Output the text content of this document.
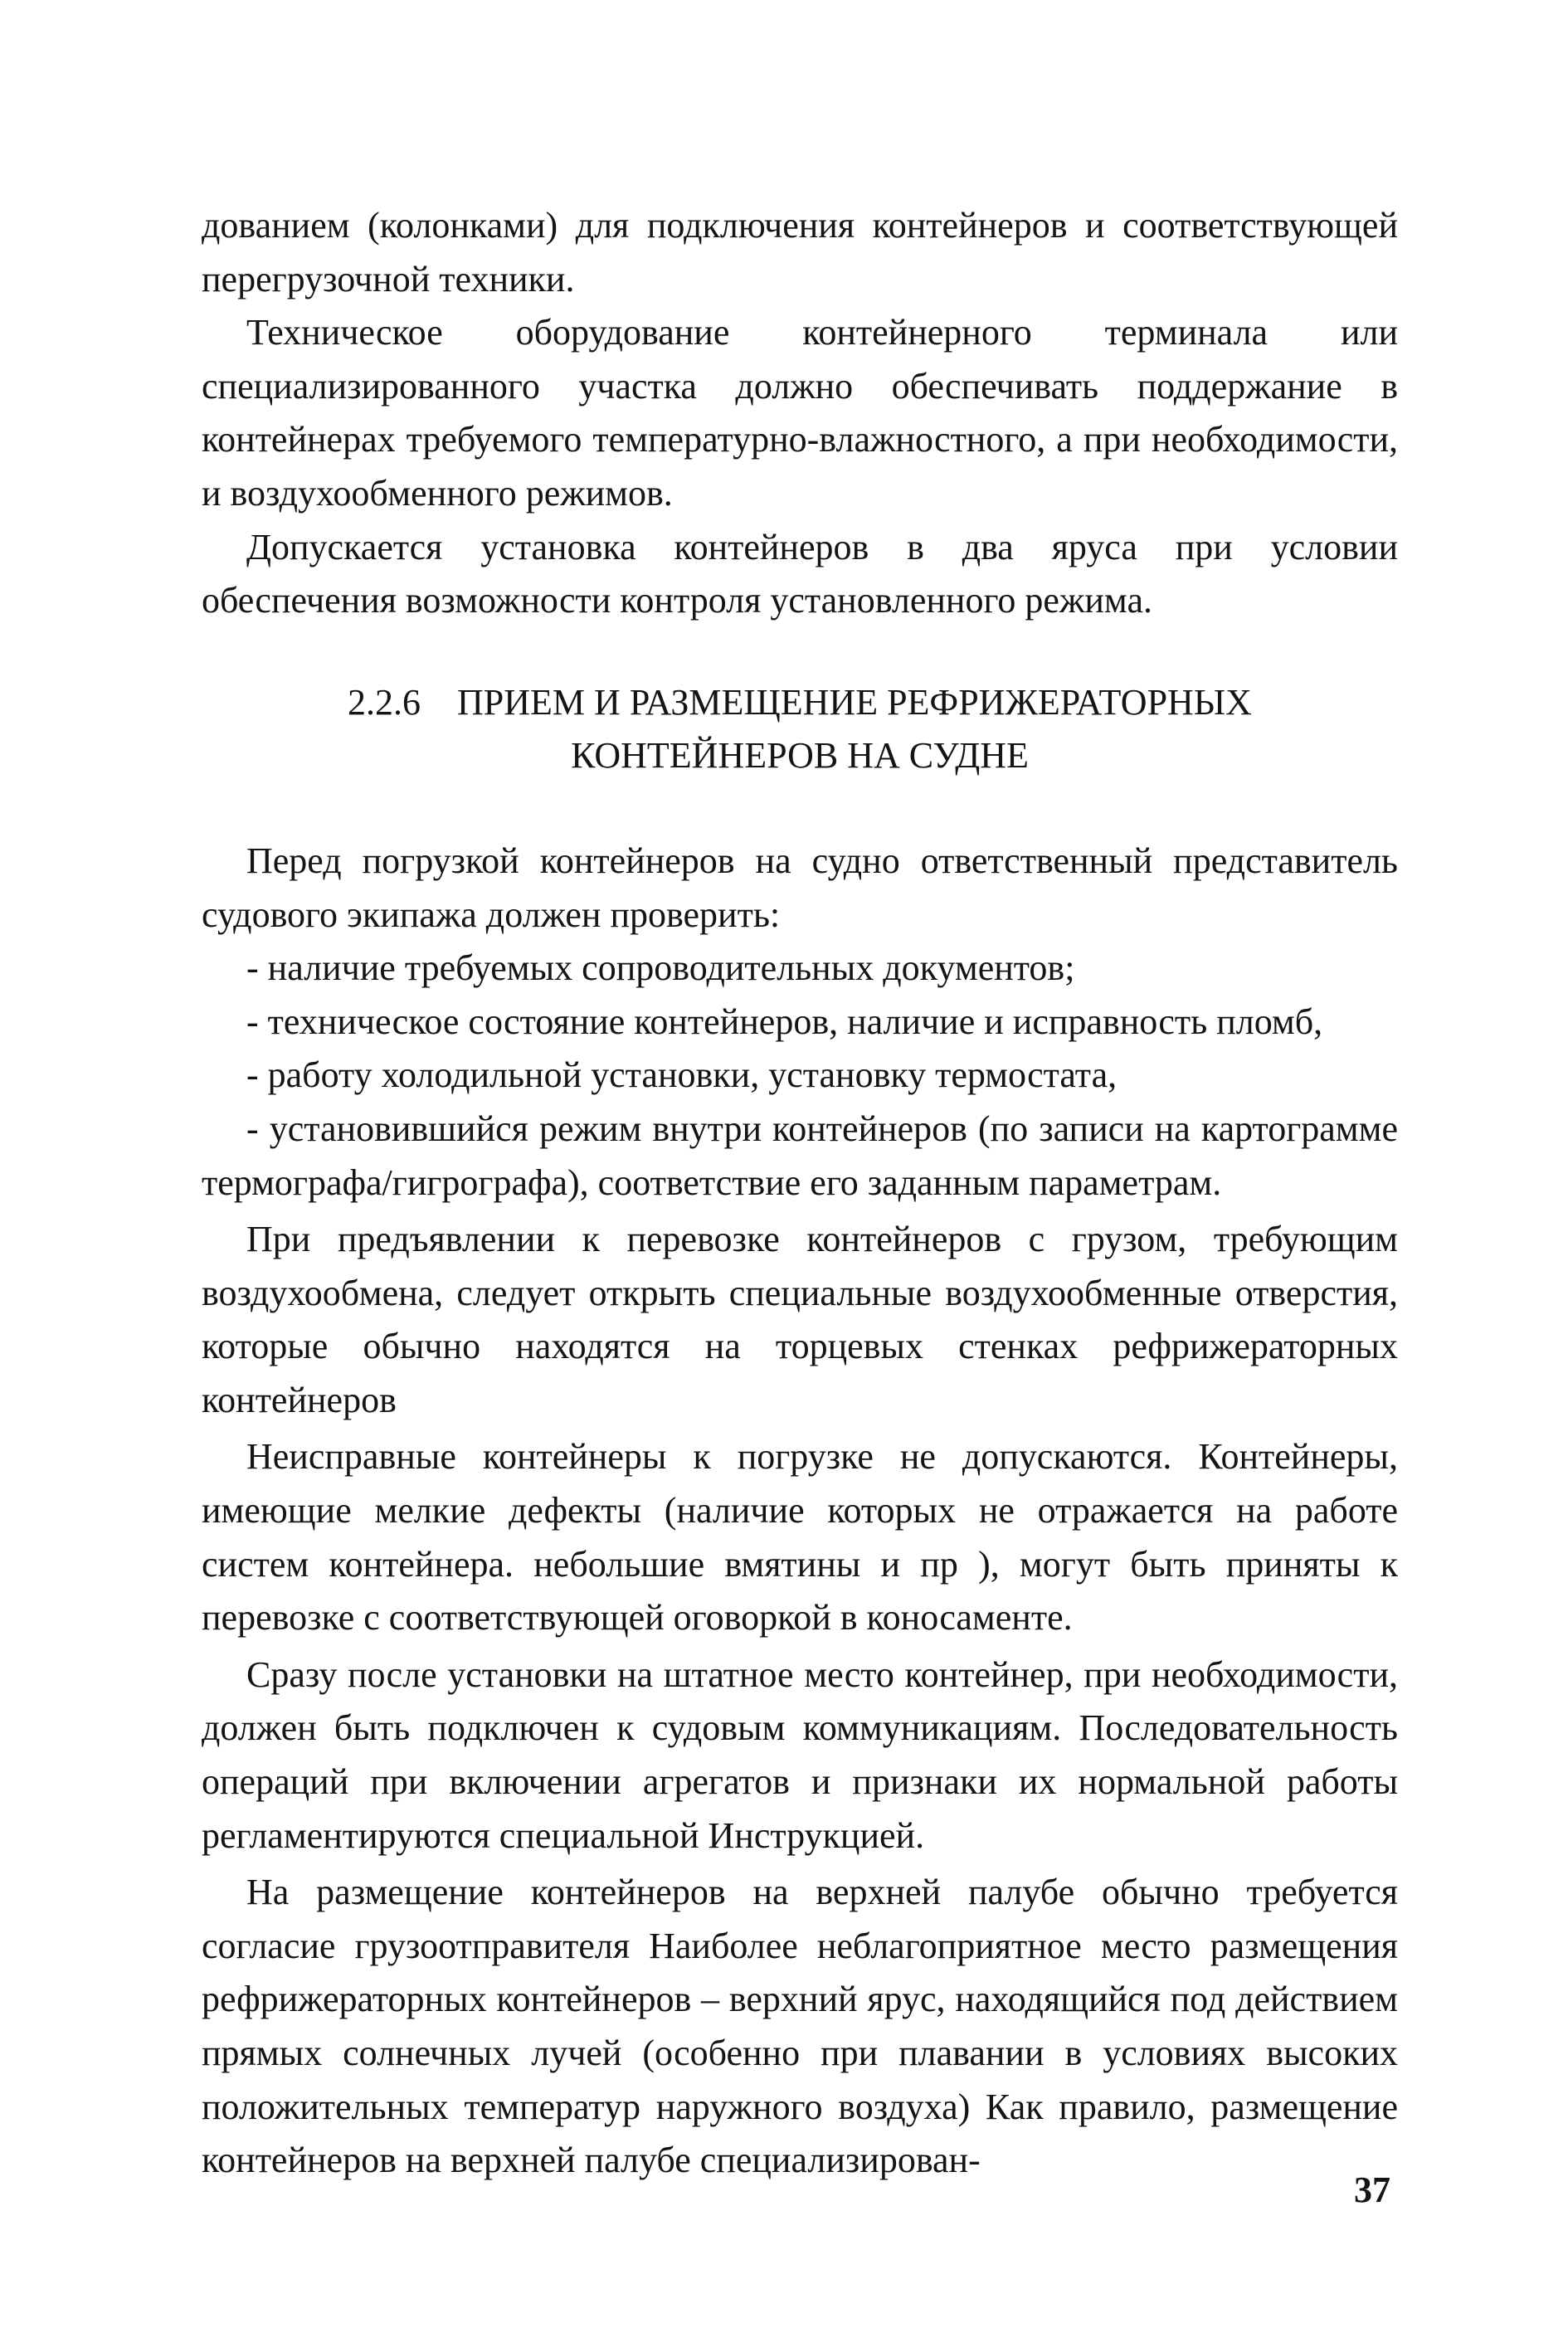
дованием (колонками) для подключения контейнеров и соответствующей перегрузочной техники.

Техническое оборудование контейнерного терминала или специализированного участка должно обеспечивать поддержание в контейнерах требуемого температурно-влажностного, а при необходимости, и воздухообменного режимов.

Допускается установка контейнеров в два яруса при условии обеспечения возможности контроля установленного режима.

2.2.6 ПРИЕМ И РАЗМЕЩЕНИЕ РЕФРИЖЕРАТОРНЫХ
КОНТЕЙНЕРОВ НА СУДНЕ

Перед погрузкой контейнеров на судно ответственный представитель судового экипажа должен проверить:

- наличие требуемых сопроводительных документов;

- техническое состояние контейнеров, наличие и исправность пломб,

- работу холодильной установки, установку термостата,

- установившийся режим внутри контейнеров (по записи на картограмме термографа/гигрографа), соответствие его заданным параметрам.

При предъявлении к перевозке контейнеров с грузом, требующим воздухообмена, следует открыть специальные воздухообменные отверстия, которые обычно находятся на торцевых стенках рефрижераторных контейнеров

Неисправные контейнеры к погрузке не допускаются. Контейнеры, имеющие мелкие дефекты (наличие которых не отражается на работе систем контейнера. небольшие вмятины и пр ), могут быть приняты к перевозке с соответствующей оговоркой в коносаменте.

Сразу после установки на штатное место контейнер, при необходимости, должен быть подключен к судовым коммуникациям. Последовательность операций при включении агрегатов и признаки их нормальной работы регламентируются специальной Инструкцией.

На размещение контейнеров на верхней палубе обычно требуется согласие грузоотправителя Наиболее неблагоприятное место размещения рефрижераторных контейнеров – верхний ярус, находящийся под действием прямых солнечных лучей (особенно при плавании в условиях высоких положительных температур наружного воздуха) Как правило, размещение контейнеров на верхней палубе специализирован-

37
